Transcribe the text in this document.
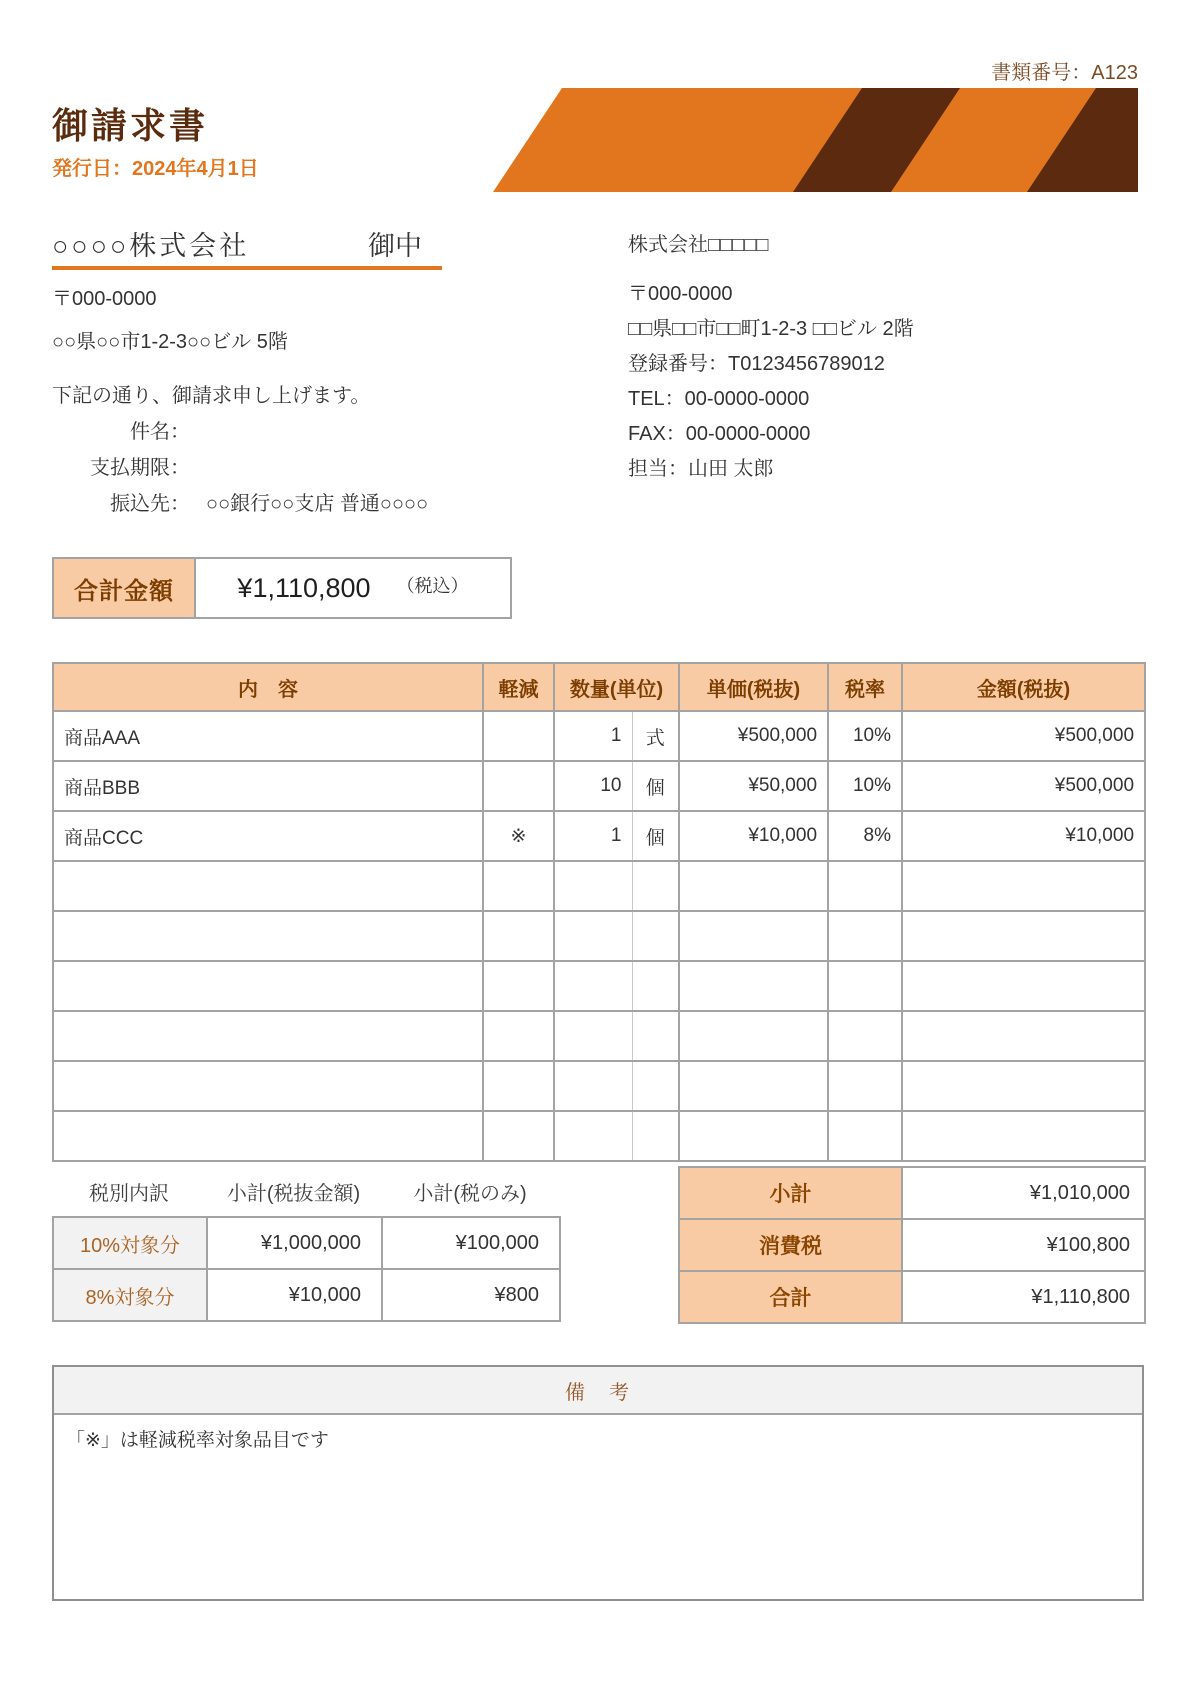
書類番号：A123
御請求書
発行日：2024年4月1日
○○○○株式会社	御中
〒000-0000
○○県○○市1-2-3○○ビル 5階
株式会社□□□□□
〒000-0000
□□県□□市□□町1-2-3 □□ビル 2階
登録番号：T0123456789012
TEL：00-0000-0000
FAX：00-0000-0000
担当：山田 太郎
下記の通り、御請求申し上げます。
件名：
支払期限：
振込先： ○○銀行○○支店 普通○○○○
合計金額	¥1,110,800 （税込）
内　容	軽減	数量(単位)		単価(税抜)	税率	金額(税抜)
商品AAA		1	式	¥500,000	10%	¥500,000
商品BBB		10	個	¥50,000	10%	¥500,000
商品CCC	※	1	個	¥10,000	8%	¥10,000

税別内訳	小計(税抜金額)	小計(税のみ)
10%対象分	¥1,000,000	¥100,000
8%対象分	¥10,000	¥800
小計	¥1,010,000
消費税	¥100,800
合計	¥1,110,800
備　考
「※」は軽減税率対象品目です
